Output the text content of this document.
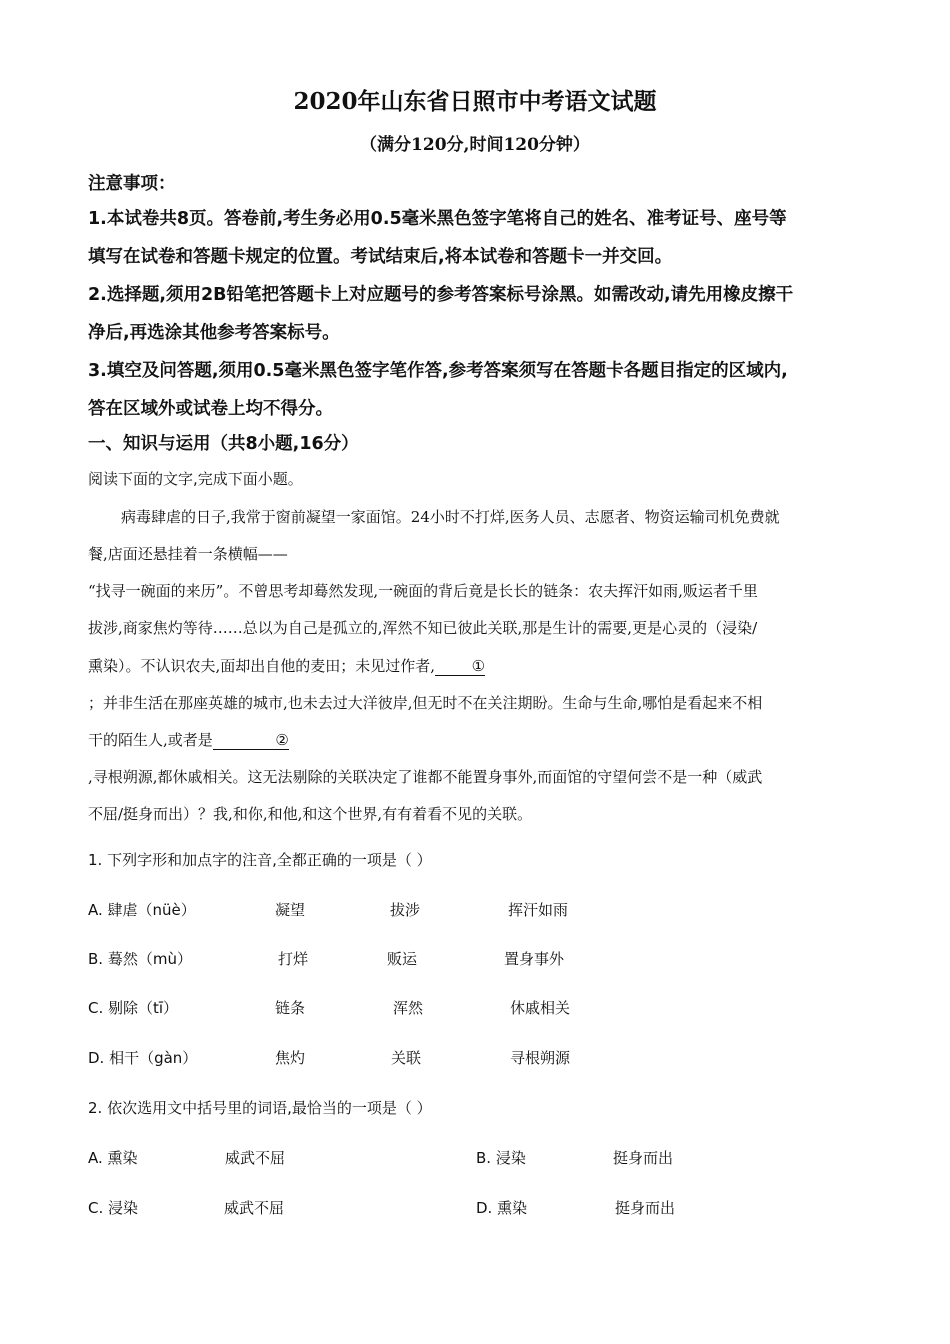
2020年山东省日照市中考语文试题
（满分120分,时间120分钟）
注意事项：
1.本试卷共8页。答卷前,考生务必用0.5毫米黑色签字笔将自己的姓名、准考证号、座号等
填写在试卷和答题卡规定的位置。考试结束后,将本试卷和答题卡一并交回。
2.选择题,须用2B铅笔把答题卡上对应题号的参考答案标号涂黑。如需改动,请先用橡皮擦干
净后,再选涂其他参考答案标号。
3.填空及问答题,须用0.5毫米黑色签字笔作答,参考答案须写在答题卡各题目指定的区域内,
答在区域外或试卷上均不得分。
一、知识与运用（共8小题,16分）
阅读下面的文字,完成下面小题。
病毒肆虐的日子,我常于窗前凝望一家面馆。24小时不打烊,医务人员、志愿者、物资运输司机免费就
餐,店面还悬挂着一条横幅——
“找寻一碗面的来历”。不曾思考却蓦然发现,一碗面的背后竟是长长的链条：农夫挥汗如雨,贩运者千里
拔涉,商家焦灼等待……总以为自己是孤立的,浑然不知已彼此关联,那是生计的需要,更是心灵的（浸染/
熏染）。不认识农夫,面却出自他的麦田；未见过作者, ①
；并非生活在那座英雄的城市,也未去过大洋彼岸,但无时不在关注期盼。生命与生命,哪怕是看起来不相
干的陌生人,或者是	②
,寻根朔源,都休戚相关。这无法剔除的关联决定了谁都不能置身事外,而面馆的守望何尝不是一种（威武
不屈/挺身而出）？我,和你,和他,和这个世界,有有着看不见的关联。
1. 下列字形和加点字的注音,全都正确的一项是（ ）
A. 肆虐（nüè）	凝望	拔涉	挥汗如雨
B. 蓦然（mù）	打烊	贩运	置身事外
C. 剔除（tī）	链条	浑然	休戚相关
D. 相干（gàn）	焦灼	关联	寻根朔源
2. 依次选用文中括号里的词语,最恰当的一项是（ ）
A. 熏染	威武不屈	B. 浸染	挺身而出
C. 浸染	威武不屈	D. 熏染	挺身而出
